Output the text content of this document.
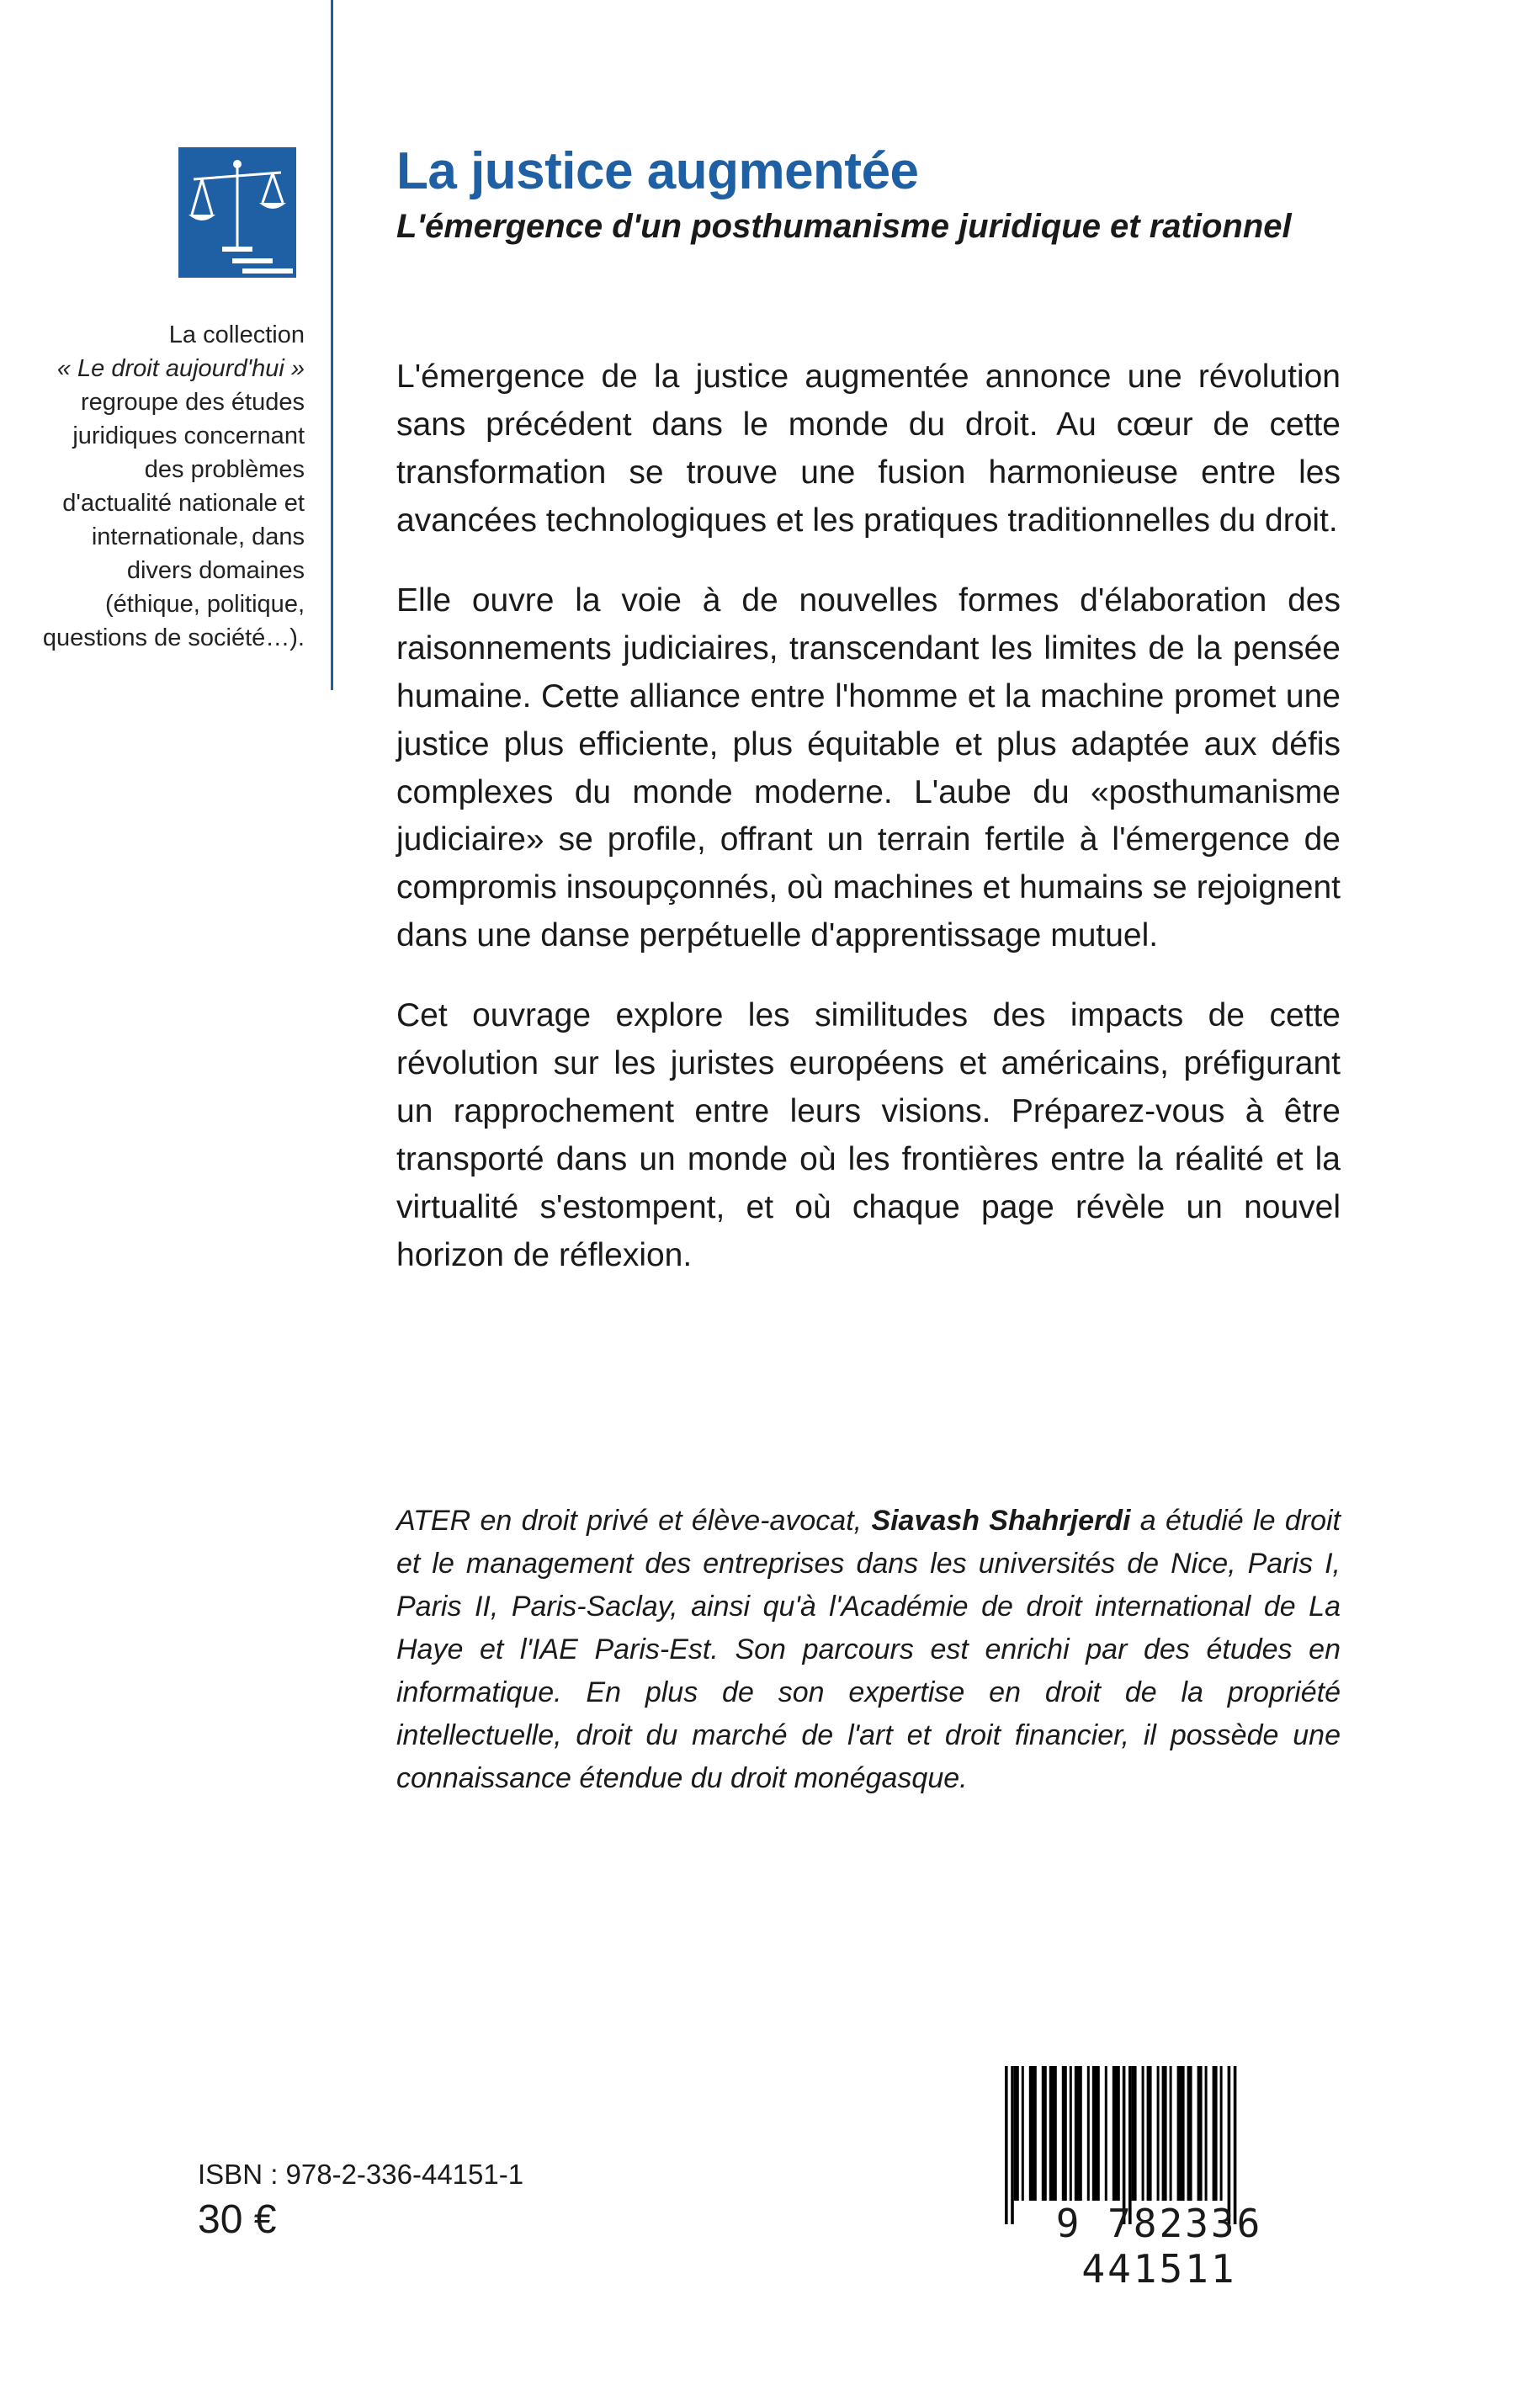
La justice augmentée
L'émergence d'un posthumanisme juridique et rationnel
La collection
« Le droit aujourd'hui »
regroupe des études juridiques concernant des problèmes d'actualité nationale et internationale, dans divers domaines (éthique, politique, questions de société…).

L'émergence de la justice augmentée annonce une révolution sans précédent dans le monde du droit. Au cœur de cette transformation se trouve une fusion harmonieuse entre les avancées technologiques et les pratiques traditionnelles du droit.

Elle ouvre la voie à de nouvelles formes d'élaboration des raisonnements judiciaires, transcendant les limites de la pensée humaine. Cette alliance entre l'homme et la machine promet une justice plus efficiente, plus équitable et plus adaptée aux défis complexes du monde moderne. L'aube du «posthumanisme judiciaire» se profile, offrant un terrain fertile à l'émergence de compromis insoupçonnés, où machines et humains se rejoignent dans une danse perpétuelle d'apprentissage mutuel.

Cet ouvrage explore les similitudes des impacts de cette révolution sur les juristes européens et américains, préfigurant un rapprochement entre leurs visions. Préparez-vous à être transporté dans un monde où les frontières entre la réalité et la virtualité s'estompent, et où chaque page révèle un nouvel horizon de réflexion.

ATER en droit privé et élève-avocat, Siavash Shahrjerdi a étudié le droit et le management des entreprises dans les universités de Nice, Paris I, Paris II, Paris-Saclay, ainsi qu'à l'Académie de droit international de La Haye et l'IAE Paris-Est. Son parcours est enrichi par des études en informatique. En plus de son expertise en droit de la propriété intellectuelle, droit du marché de l'art et droit financier, il possède une connaissance étendue du droit monégasque.

ISBN : 978-2-336-44151-1
30 €	9 782336 441511
